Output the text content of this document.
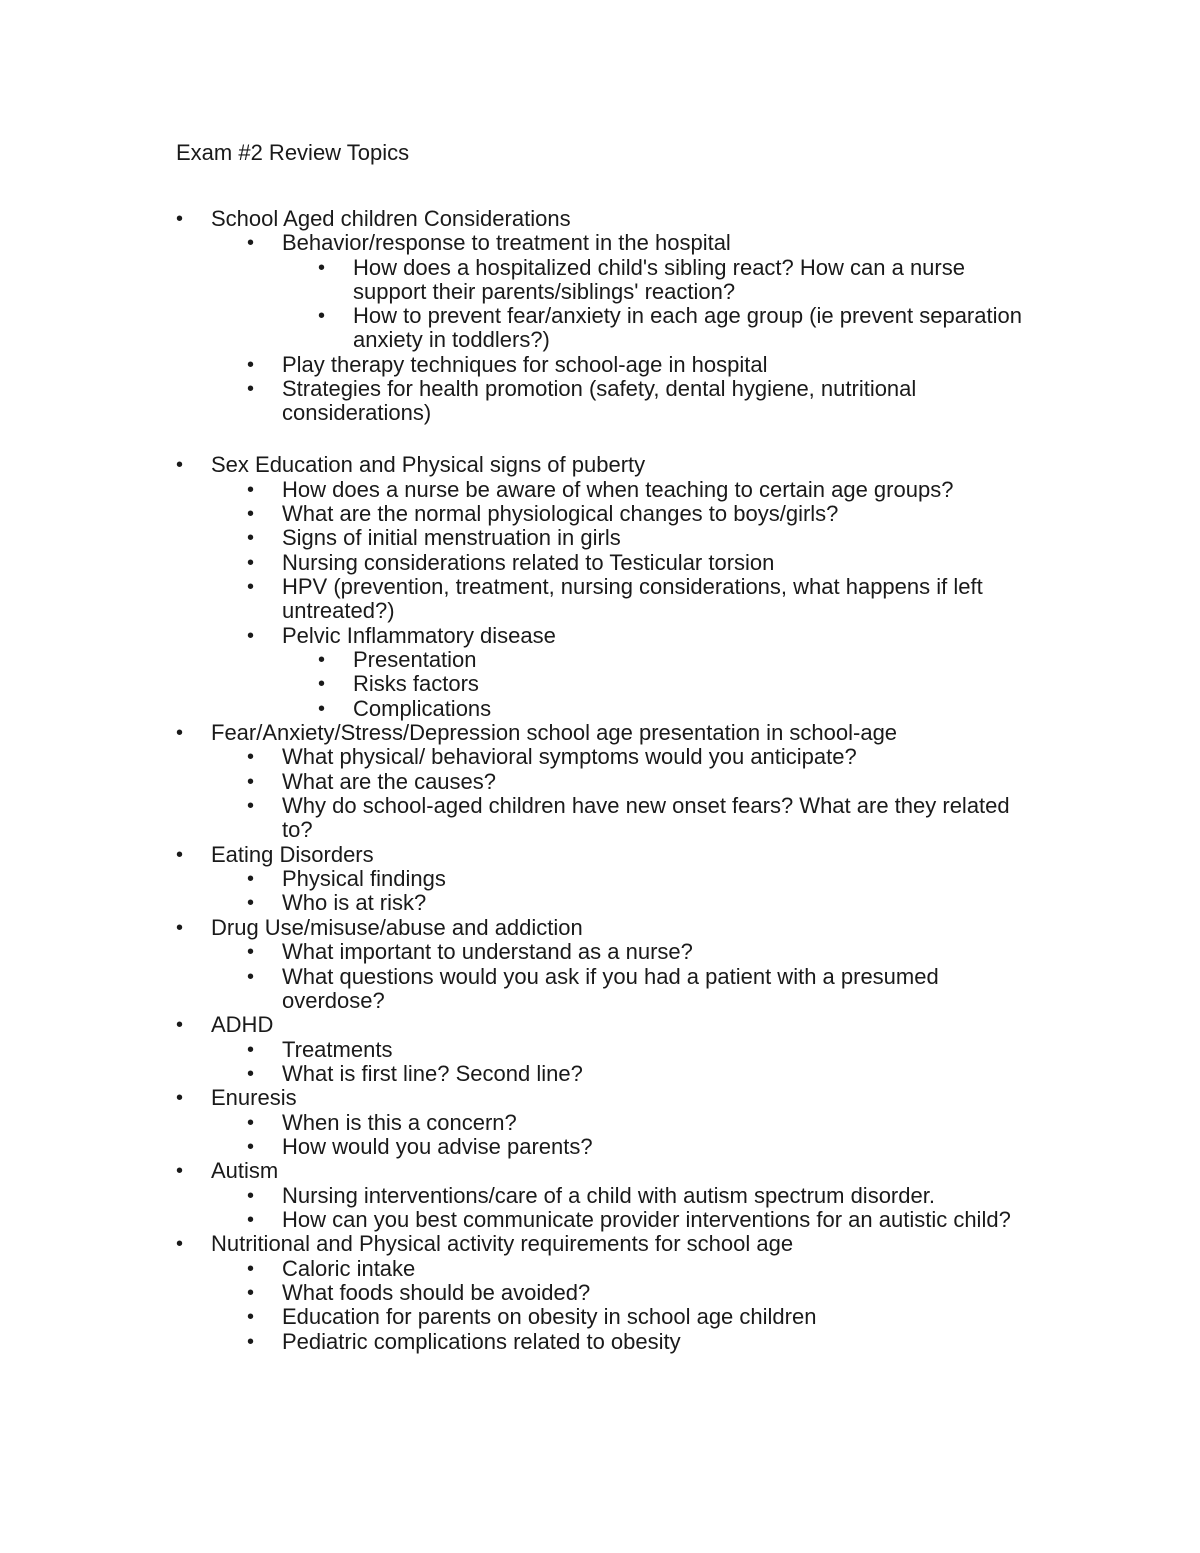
Exam #2 Review Topics
• School Aged children Considerations
• Behavior/response to treatment in the hospital
• How does a hospitalized child's sibling react? How can a nurse support their parents/siblings' reaction?
• How to prevent fear/anxiety in each age group (ie prevent separation anxiety in toddlers?)
• Play therapy techniques for school-age in hospital
• Strategies for health promotion (safety, dental hygiene, nutritional considerations)
• Sex Education and Physical signs of puberty
• How does a nurse be aware of when teaching to certain age groups?
• What are the normal physiological changes to boys/girls?
• Signs of initial menstruation in girls
• Nursing considerations related to Testicular torsion
• HPV (prevention, treatment, nursing considerations, what happens if left untreated?)
• Pelvic Inflammatory disease
• Presentation
• Risks factors
• Complications
• Fear/Anxiety/Stress/Depression school age presentation in school-age
• What physical/ behavioral symptoms would you anticipate?
• What are the causes?
• Why do school-aged children have new onset fears? What are they related to?
• Eating Disorders
• Physical findings
• Who is at risk?
• Drug Use/misuse/abuse and addiction
• What important to understand as a nurse?
• What questions would you ask if you had a patient with a presumed overdose?
• ADHD
• Treatments
• What is first line? Second line?
• Enuresis
• When is this a concern?
• How would you advise parents?
• Autism
• Nursing interventions/care of a child with autism spectrum disorder.
• How can you best communicate provider interventions for an autistic child?
• Nutritional and Physical activity requirements for school age
• Caloric intake
• What foods should be avoided?
• Education for parents on obesity in school age children
• Pediatric complications related to obesity
